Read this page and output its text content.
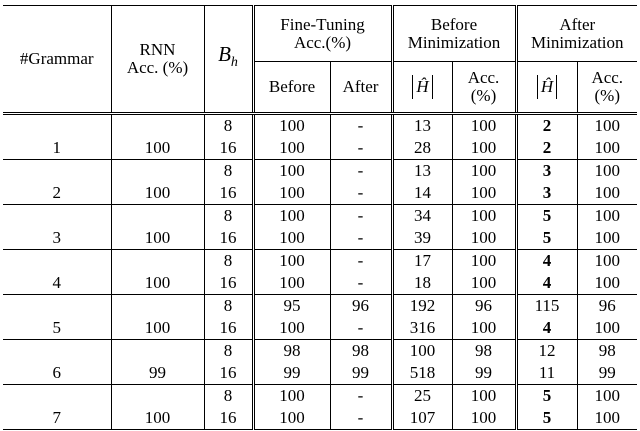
#Grammar	RNN Acc. (%)	$B_h$	Fine-Tuning Acc.(%)		Before Minimization		After Minimization	
			Before	After	Ĥ	Acc. (%)	Ĥ	Acc. (%)
1	100	8	100	-	13	100	2	100
		16	100	-	28	100	2	100
2	100	8	100	-	13	100	3	100
		16	100	-	14	100	3	100
3	100	8	100	-	34	100	5	100
		16	100	-	39	100	5	100
4	100	8	100	-	17	100	4	100
		16	100	-	18	100	4	100
5	100	8	95	96	192	96	115	96
		16	100	-	316	100	4	100
6	99	8	98	98	100	98	12	98
		16	99	99	518	99	11	99
7	100	8	100	-	25	100	5	100
		16	100	-	107	100	5	100
